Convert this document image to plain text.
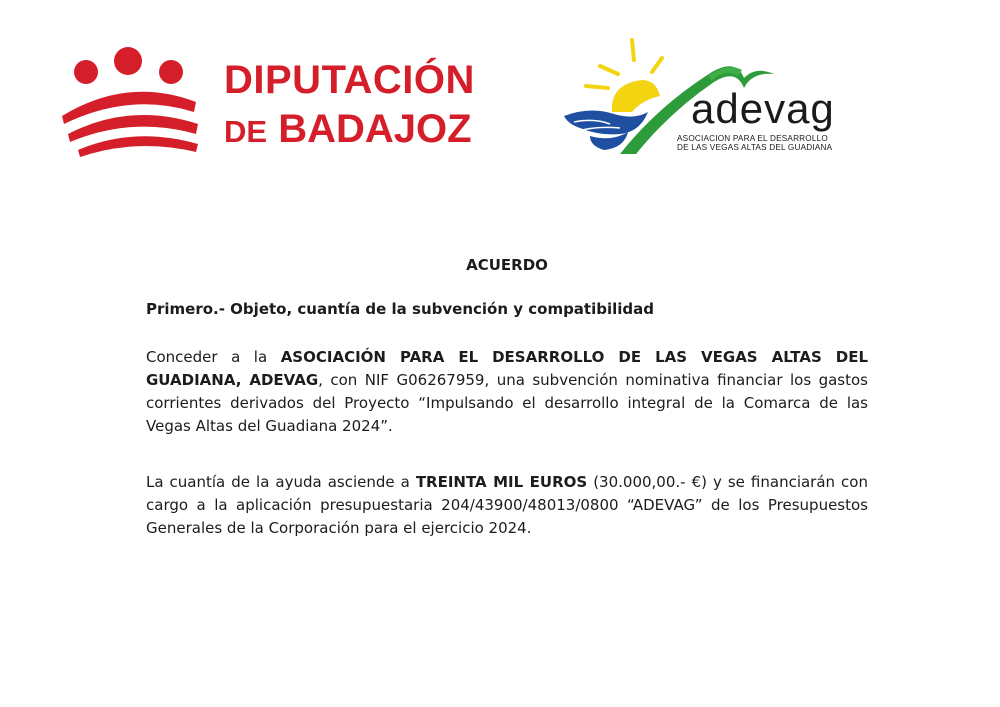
DIPUTACIÓN
DE BADAJOZ	adevag
ASOCIACION PARA EL DESARROLLO
DE LAS VEGAS ALTAS DEL GUADIANA
ACUERDO
Primero.- Objeto, cuantía de la subvención y compatibilidad
Conceder a la ASOCIACIÓN PARA EL DESARROLLO DE LAS VEGAS ALTAS DEL GUADIANA, ADEVAG, con NIF G06267959, una subvención nominativa financiar los gastos corrientes derivados del Proyecto “Impulsando el desarrollo integral de la Comarca de las Vegas Altas del Guadiana 2024”.
La cuantía de la ayuda asciende a TREINTA MIL EUROS (30.000,00.- €) y se financiarán con cargo a la aplicación presupuestaria 204/43900/48013/0800 “ADEVAG” de los Presupuestos Generales de la Corporación para el ejercicio 2024.
